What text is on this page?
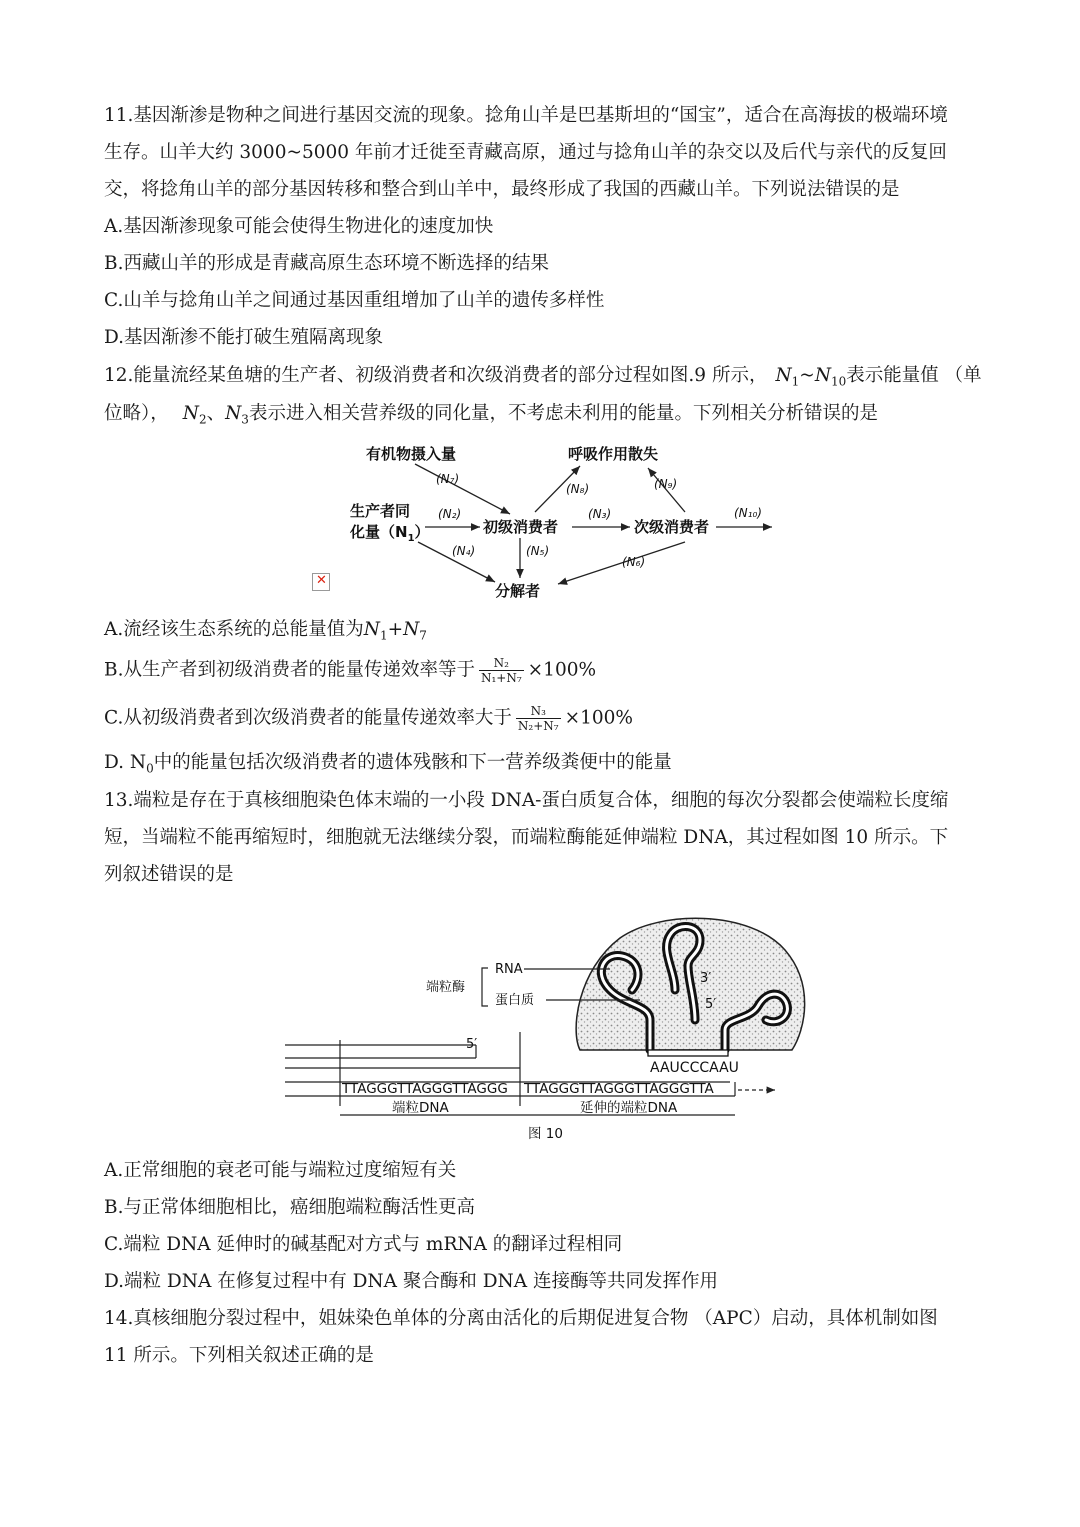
11.基因渐渗是物种之间进行基因交流的现象。捻角山羊是巴基斯坦的“国宝”，适合在高海拔的极端环境
生存。山羊大约 3000~5000 年前才迁徙至青藏高原，通过与捻角山羊的杂交以及后代与亲代的反复回
交，将捻角山羊的部分基因转移和整合到山羊中，最终形成了我国的西藏山羊。下列说法错误的是
A.基因渐渗现象可能会使得生物进化的速度加快
B.西藏山羊的形成是青藏高原生态环境不断选择的结果
C.山羊与捻角山羊之间通过基因重组增加了山羊的遗传多样性
D.基因渐渗不能打破生殖隔离现象
12.能量流经某鱼塘的生产者、初级消费者和次级消费者的部分过程如图.9 所示， $N_1\sim N_{10}$表示能量值 （单
位略）， $N_2$、$N_3$表示进入相关营养级的同化量，不考虑未利用的能量。下列相关分析错误的是
有机物摄入量	呼吸作用散失
生产者同
化量$(N_1)$	初级消费者	次级消费者
分解者
(N₇)
(N₂)
(N₈)
(N₃)
(N₉)
(N₁₀)
(N₄)	(N₅)
(N₆)
✕
A.流经该生态系统的总能量值为$N_1+N_7$
B.从生产者到初级消费者的能量传递效率等于 $\frac{\text{N₂}}{\text{N₁+N₇}} \times 100\%$
C.从初级消费者到次级消费者的能量传递效率大于 $\frac{\text{N₃}}{\text{N₂+N₇}} \times 100\%$
D. $N_0$中的能量包括次级消费者的遗体残骸和下一营养级粪便中的能量
13.端粒是存在于真核细胞染色体末端的一小段 DNA-蛋白质复合体，细胞的每次分裂都会使端粒长度缩
短，当端粒不能再缩短时，细胞就无法继续分裂，而端粒酶能延伸端粒 DNA，其过程如图 10 所示。下
列叙述错误的是
3′
5′
5′
AAUCCCAAU
端粒酶
RNA
蛋白质
TTAGGGTTAGGGTTAGGG TTAGGGTTAGGGTTAGGGTTA
端粒DNA	延伸的端粒DNA
图 10
A.正常细胞的衰老可能与端粒过度缩短有关
B.与正常体细胞相比，癌细胞端粒酶活性更高
C.端粒 DNA 延伸时的碱基配对方式与 mRNA 的翻译过程相同
D.端粒 DNA 在修复过程中有 DNA 聚合酶和 DNA 连接酶等共同发挥作用
14.真核细胞分裂过程中，姐妹染色单体的分离由活化的后期促进复合物 （APC）启动，具体机制如图
11 所示。下列相关叙述正确的是
